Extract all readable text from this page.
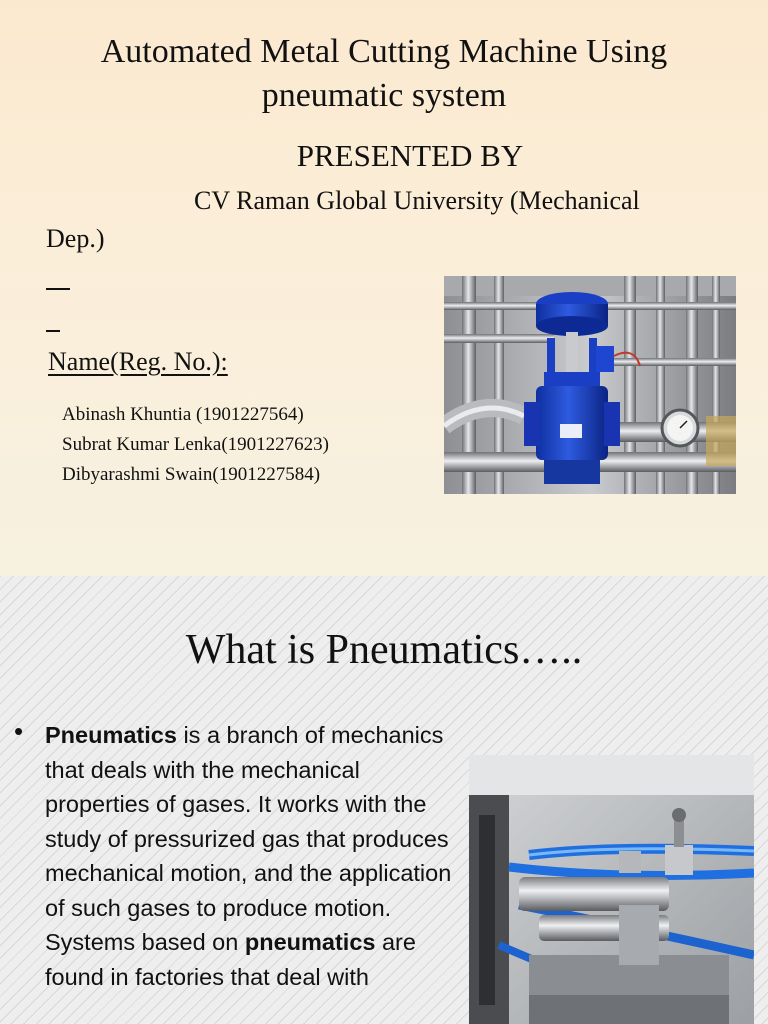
Automated Metal Cutting Machine Using pneumatic system
PRESENTED BY
CV Raman Global University (Mechanical
Dep.)
Name(Reg. No.):
Abinash Khuntia (1901227564)
Subrat Kumar Lenka(1901227623)
Dibyarashmi Swain(1901227584)
What is Pneumatics…..
• Pneumatics is a branch of mechanics that deals with the mechanical properties of gases. It works with the study of pressurized gas that produces mechanical motion, and the application of such gases to produce motion. Systems based on pneumatics are found in factories that deal with
